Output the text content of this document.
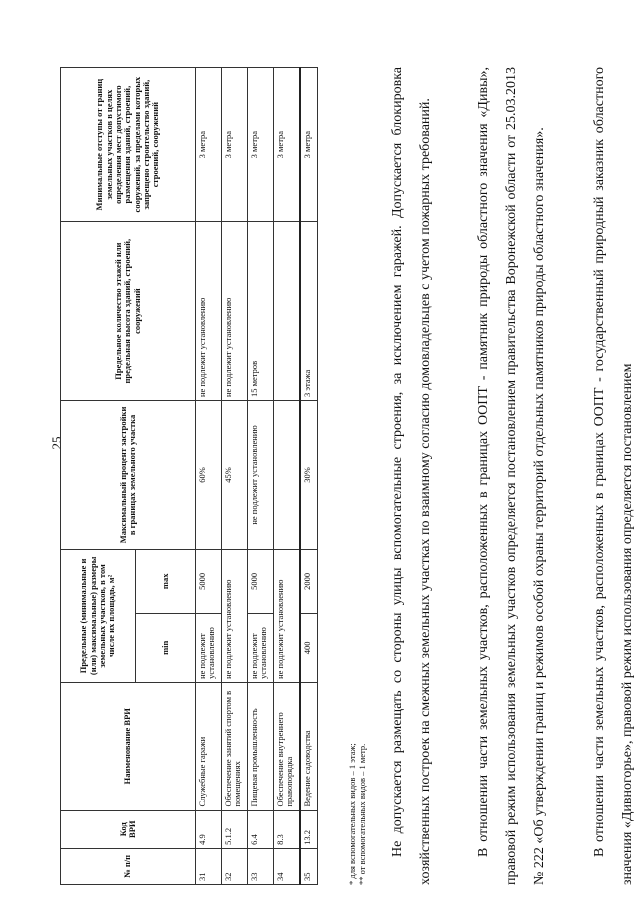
25
№ п/п	Код ВРИ	Наименование ВРИ	Предельные (минимальные и (или) максимальные) размеры земельных участков, в том числе их площадь, м²		Максимальный процент застройки в границах земельного участка	Предельное количество этажей или предельная высота зданий, строений, сооружений	Минимальные отступы от границ земельных участков в целях определения мест допустимого размещения зданий, строений, сооружений, за пределами которых запрещено строительство зданий, строений, сооружений
			min	max			
31	4.9	Служебные гаражи	не подлежит установлению	5000	60%	не подлежит установлению	3 метра
32	5.1.2	Обеспечение занятий спортом в помещениях	не подлежит установлению		45%	не подлежит установлению	3 метра
33	6.4	Пищевая промышленность	не подлежит установлению	5000	не подлежит установлению	15 метров	3 метра
34	8.3	Обеспечение внутреннего правопорядка	не подлежит установлению				3 метра
35	13.2	Ведение садоводства	400	2000	30%	3 этажа	3 метра
* для вспомогательных видов – 1 этаж; ** от вспомогательных видов – 1 метр.	Не допускается размещать со стороны улицы вспомогательные строения, за исключением гаражей. Допускается блокировка хозяйственных построек на смежных земельных участках по взаимному согласию домовладельцев с учетом пожарных требований.	В отношении части земельных участков, расположенных в границах ООПТ - памятник природы областного значения «Дивы», правовой режим использования земельных участков определяется постановлением правительства Воронежской области от 25.03.2013 № 222 «Об утверждении границ и режимов особой охраны территорий отдельных памятников природы областного значения».	В отношении части земельных участков, расположенных в границах ООПТ - государственный природный заказник областного значения «Дивногорье», правовой режим использования определяется постановлением
